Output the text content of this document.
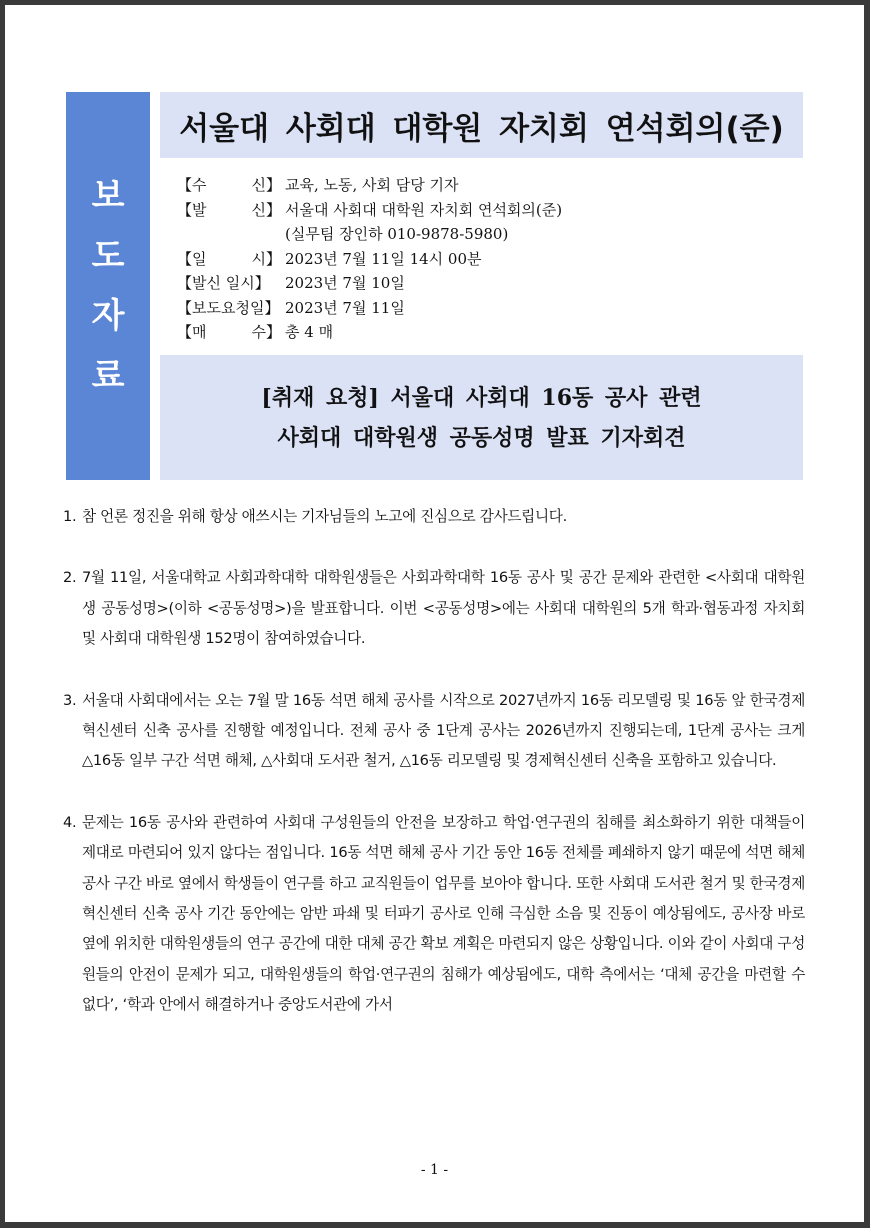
보
도
자
료
서울대 사회대 대학원 자치회 연석회의(준)
【수　　　신】 교육, 노동, 사회 담당 기자
【발　　　신】 서울대 사회대 대학원 자치회 연석회의(준)
(실무팀 장인하 010-9878-5980)
【일　　　시】 2023년 7월 11일 14시 00분
【발신 일시】	2023년 7월 10일
【보도요청일】 2023년 7월 11일
【매　　　수】 총 4 매
[취재 요청] 서울대 사회대 16동 공사 관련
사회대 대학원생 공동성명 발표 기자회견

1. 참 언론 정진을 위해 항상 애쓰시는 기자님들의 노고에 진심으로 감사드립니다.

2. 7월 11일, 서울대학교 사회과학대학 대학원생들은 사회과학대학 16동 공사 및 공간 문제와 관련한 <사회대 대학원생 공동성명>(이하 <공동성명>)을 발표합니다. 이번 <공동성명>에는 사회대 대학원의 5개 학과·협동과정 자치회 및 사회대 대학원생 152명이 참여하였습니다.

3. 서울대 사회대에서는 오는 7월 말 16동 석면 해체 공사를 시작으로 2027년까지 16동 리모델링 및 16동 앞 한국경제혁신센터 신축 공사를 진행할 예정입니다. 전체 공사 중 1단계 공사는 2026년까지 진행되는데, 1단계 공사는 크게 △16동 일부 구간 석면 해체, △사회대 도서관 철거, △16동 리모델링 및 경제혁신센터 신축을 포함하고 있습니다.

4. 문제는 16동 공사와 관련하여 사회대 구성원들의 안전을 보장하고 학업·연구권의 침해를 최소화하기 위한 대책들이 제대로 마련되어 있지 않다는 점입니다. 16동 석면 해체 공사 기간 동안 16동 전체를 폐쇄하지 않기 때문에 석면 해체 공사 구간 바로 옆에서 학생들이 연구를 하고 교직원들이 업무를 보아야 합니다. 또한 사회대 도서관 철거 및 한국경제혁신센터 신축 공사 기간 동안에는 암반 파쇄 및 터파기 공사로 인해 극심한 소음 및 진동이 예상됨에도, 공사장 바로 옆에 위치한 대학원생들의 연구 공간에 대한 대체 공간 확보 계획은 마련되지 않은 상황입니다. 이와 같이 사회대 구성원들의 안전이 문제가 되고, 대학원생들의 학업·연구권의 침해가 예상됨에도, 대학 측에서는 ‘대체 공간을 마련할 수 없다’, ‘학과 안에서 해결하거나 중앙도서관에 가서

- 1 -
